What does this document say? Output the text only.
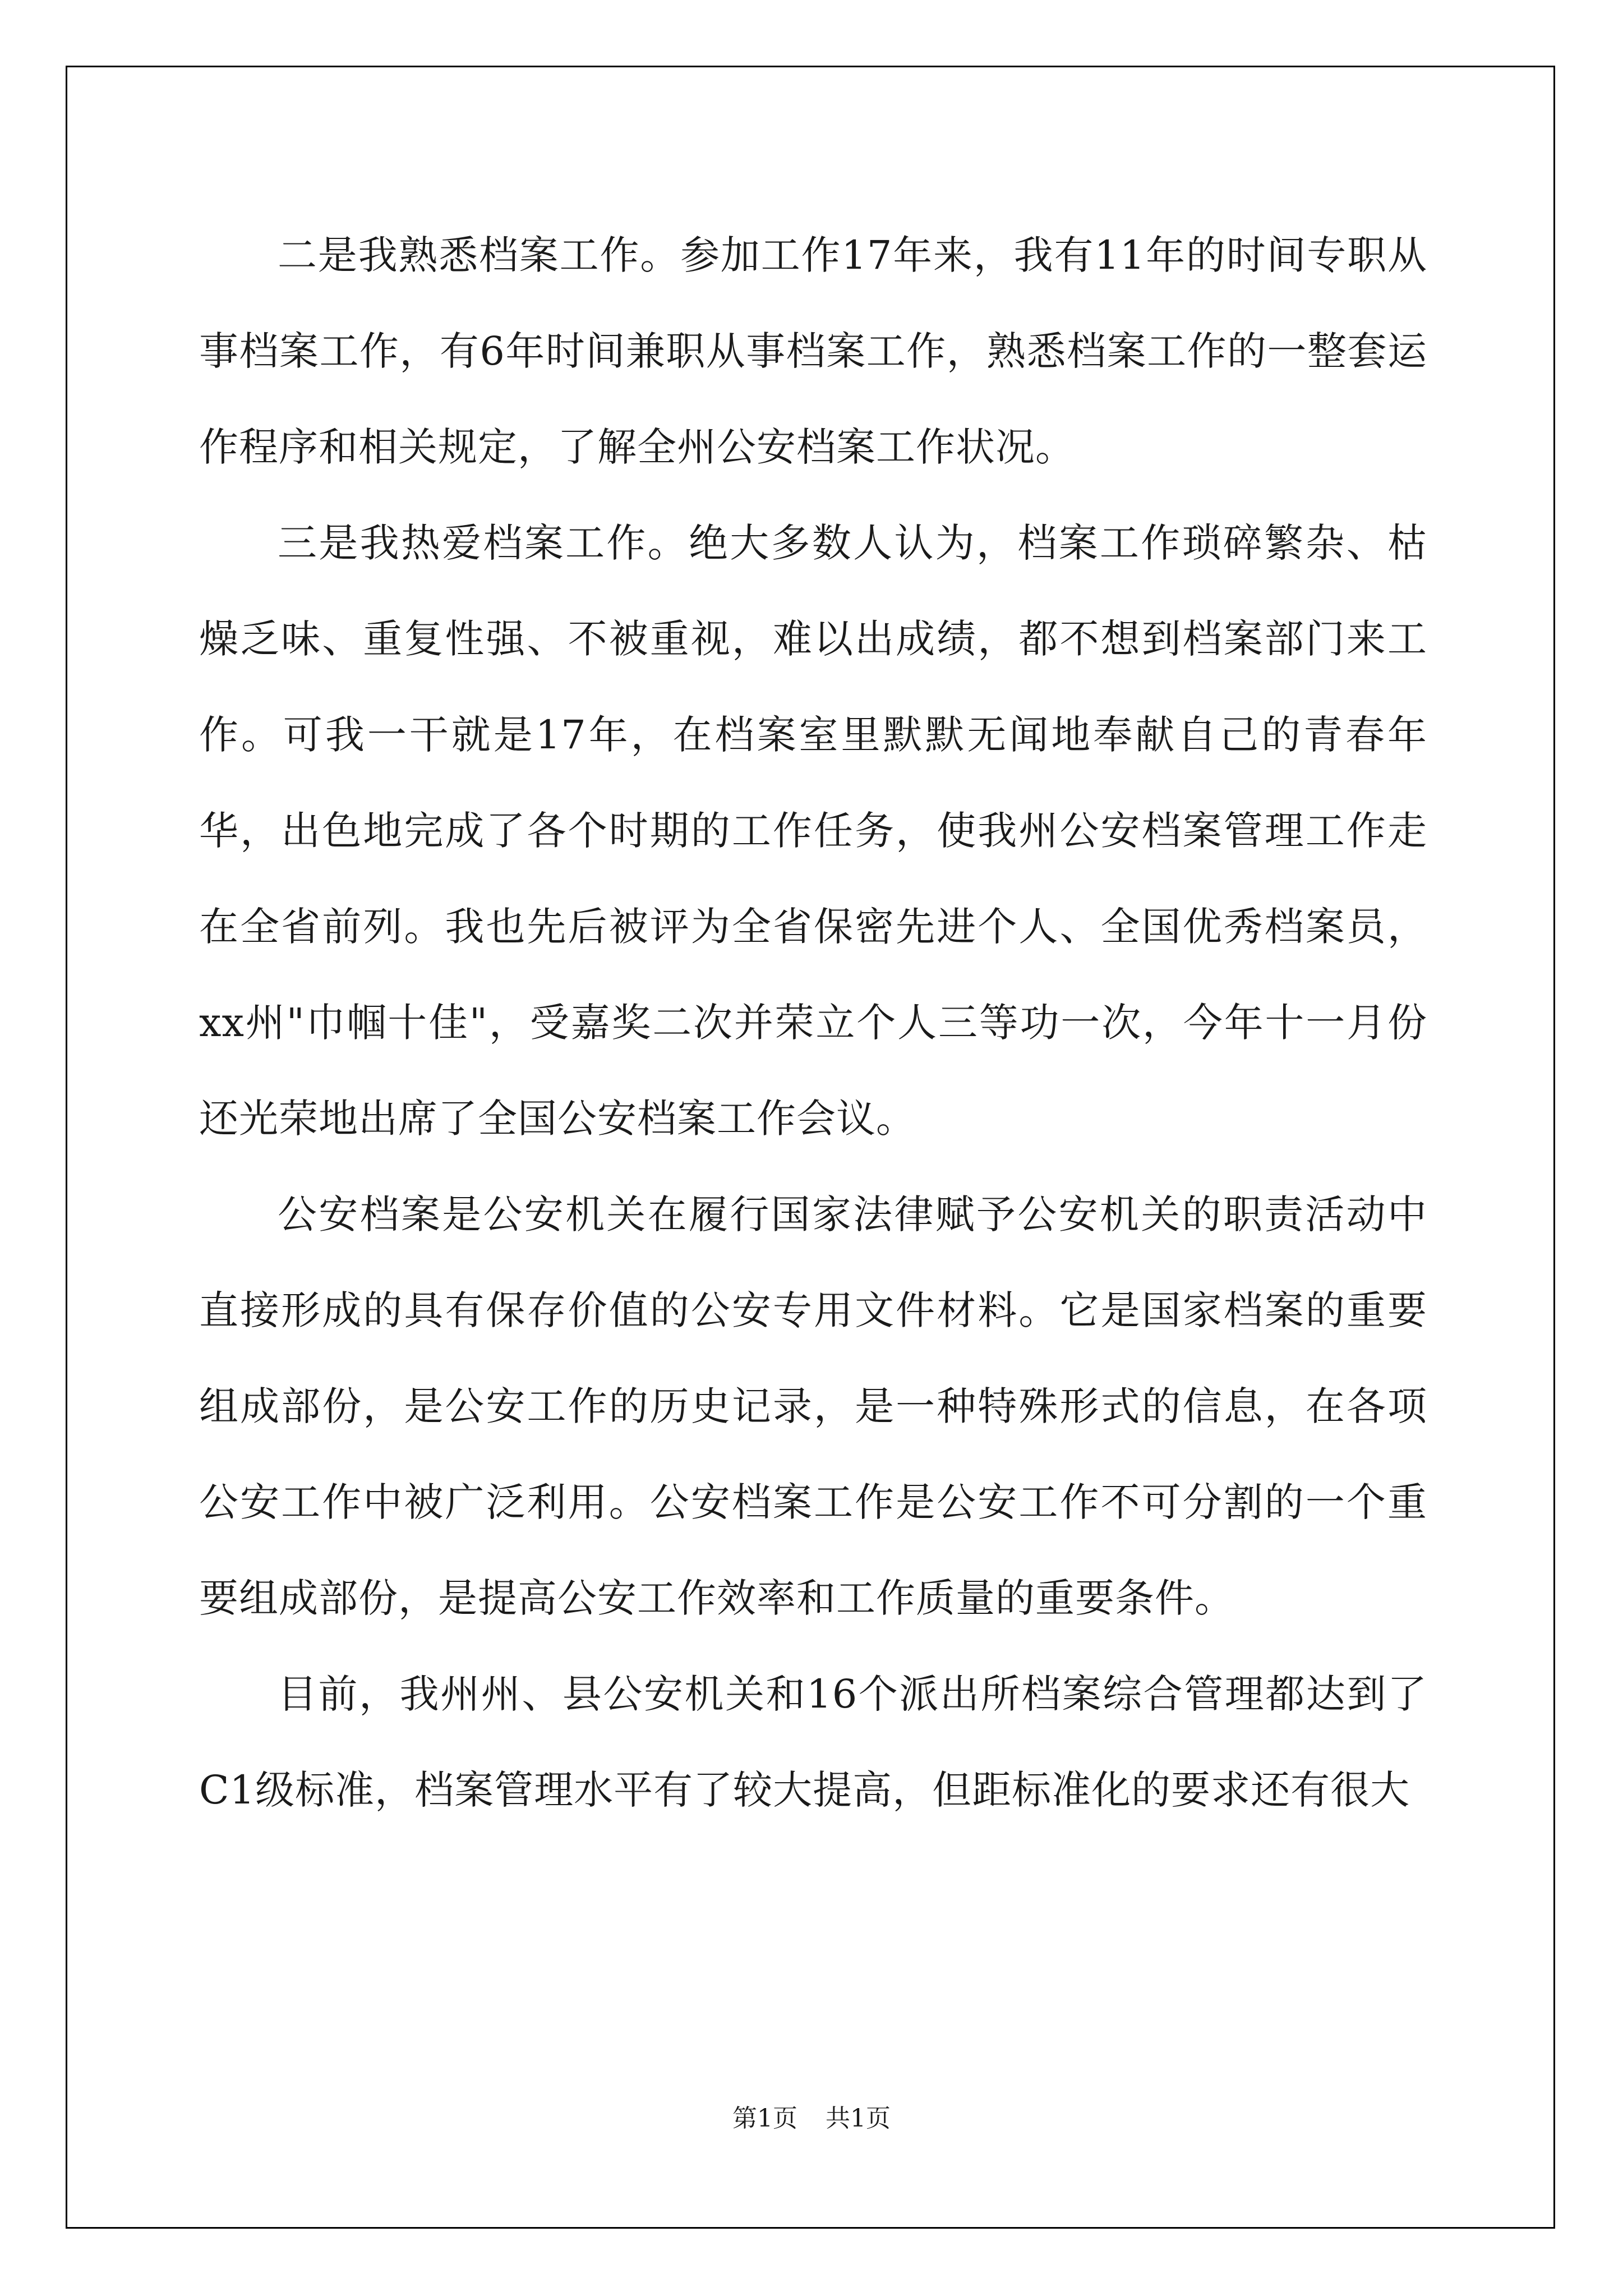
二是我熟悉档案工作。参加工作17年来，我有11年的时间专职从事档案工作，有6年时间兼职从事档案工作，熟悉档案工作的一整套运作程序和相关规定，了解全州公安档案工作状况。

三是我热爱档案工作。绝大多数人认为，档案工作琐碎繁杂、枯燥乏味、重复性强、不被重视，难以出成绩，都不想到档案部门来工作。可我一干就是17年，在档案室里默默无闻地奉献自己的青春年华，出色地完成了各个时期的工作任务，使我州公安档案管理工作走在全省前列。我也先后被评为全省保密先进个人、全国优秀档案员，xx州"巾帼十佳"，受嘉奖二次并荣立个人三等功一次，今年十一月份还光荣地出席了全国公安档案工作会议。

公安档案是公安机关在履行国家法律赋予公安机关的职责活动中直接形成的具有保存价值的公安专用文件材料。它是国家档案的重要组成部份，是公安工作的历史记录，是一种特殊形式的信息，在各项公安工作中被广泛利用。公安档案工作是公安工作不可分割的一个重要组成部份，是提高公安工作效率和工作质量的重要条件。

目前，我州州、县公安机关和16个派出所档案综合管理都达到了C1级标准，档案管理水平有了较大提高，但距标准化的要求还有很大

第1页 共1页
